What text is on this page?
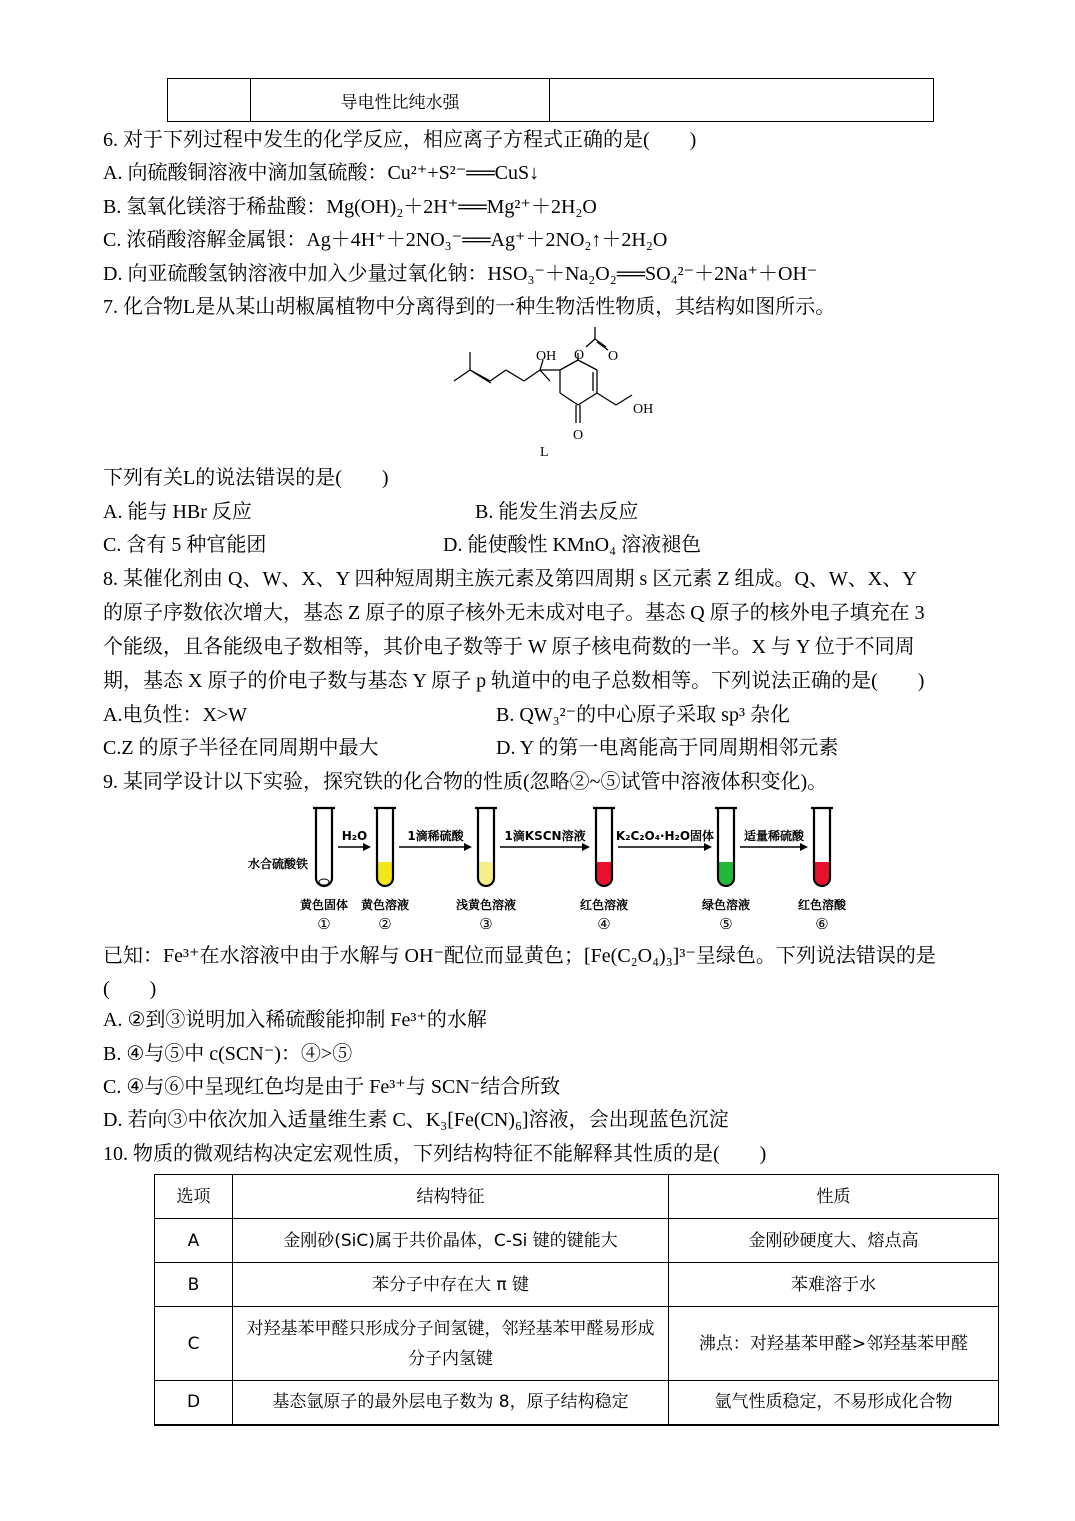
	导电性比纯水强	
6. 对于下列过程中发生的化学反应，相应离子方程式正确的是(　　)
A. 向硫酸铜溶液中滴加氢硫酸：Cu²⁺+S²⁻══CuS↓
B. 氢氧化镁溶于稀盐酸：Mg(OH)₂＋2H⁺══Mg²⁺＋2H₂O
C. 浓硝酸溶解金属银：Ag＋4H⁺＋2NO₃⁻══Ag⁺＋2NO₂↑＋2H₂O
D. 向亚硫酸氢钠溶液中加入少量过氧化钠：HSO₃⁻＋Na₂O₂══SO₄²⁻＋2Na⁺＋OH⁻
7. 化合物L是从某山胡椒属植物中分离得到的一种生物活性物质，其结构如图所示。
OH O O
OH
O
L
下列有关L的说法错误的是(　　)
A. 能与 HBr 反应	B. 能发生消去反应
C. 含有 5 种官能团	D. 能使酸性 KMnO₄ 溶液褪色
8. 某催化剂由 Q、W、X、Y 四种短周期主族元素及第四周期 s 区元素 Z 组成。Q、W、X、Y
的原子序数依次增大，基态 Z 原子的原子核外无未成对电子。基态 Q 原子的核外电子填充在 3
个能级，且各能级电子数相等，其价电子数等于 W 原子核电荷数的一半。X 与 Y 位于不同周
期，基态 X 原子的价电子数与基态 Y 原子 p 轨道中的电子总数相等。下列说法正确的是(　　)
A.电负性：X>W	B. QW₃²⁻的中心原子采取 sp³ 杂化
C.Z 的原子半径在同周期中最大	D. Y 的第一电离能高于同周期相邻元素
9. 某同学设计以下实验，探究铁的化合物的性质(忽略②~⑤试管中溶液体积变化)。
水合硫酸铁
黄色固体
①
黄色溶液
②
浅黄色溶液
③
红色溶液
④
绿色溶液
⑤
红色溶酸
⑥
H₂O	1滴稀硫酸	1滴KSCN溶液	K₂C₂O₄·H₂O固体 适量稀硫酸
已知：Fe³⁺在水溶液中由于水解与 OH⁻配位而显黄色；[Fe(C₂O₄)₃]³⁻呈绿色。下列说法错误的是
(　　)
A. ②到③说明加入稀硫酸能抑制 Fe³⁺的水解
B. ④与⑤中 c(SCN⁻)：④>⑤
C. ④与⑥中呈现红色均是由于 Fe³⁺与 SCN⁻结合所致
D. 若向③中依次加入适量维生素 C、K₃[Fe(CN)₆]溶液，会出现蓝色沉淀
10. 物质的微观结构决定宏观性质，下列结构特征不能解释其性质的是(　　)
选项	结构特征	性质
A	金刚砂(SiC)属于共价晶体，C-Si 键的键能大	金刚砂硬度大、熔点高
B	苯分子中存在大 π 键	苯难溶于水
C	对羟基苯甲醛只形成分子间氢键，邻羟基苯甲醛易形成分子内氢键	沸点：对羟基苯甲醛>邻羟基苯甲醛
D	基态氩原子的最外层电子数为 8，原子结构稳定	氩气性质稳定，不易形成化合物
